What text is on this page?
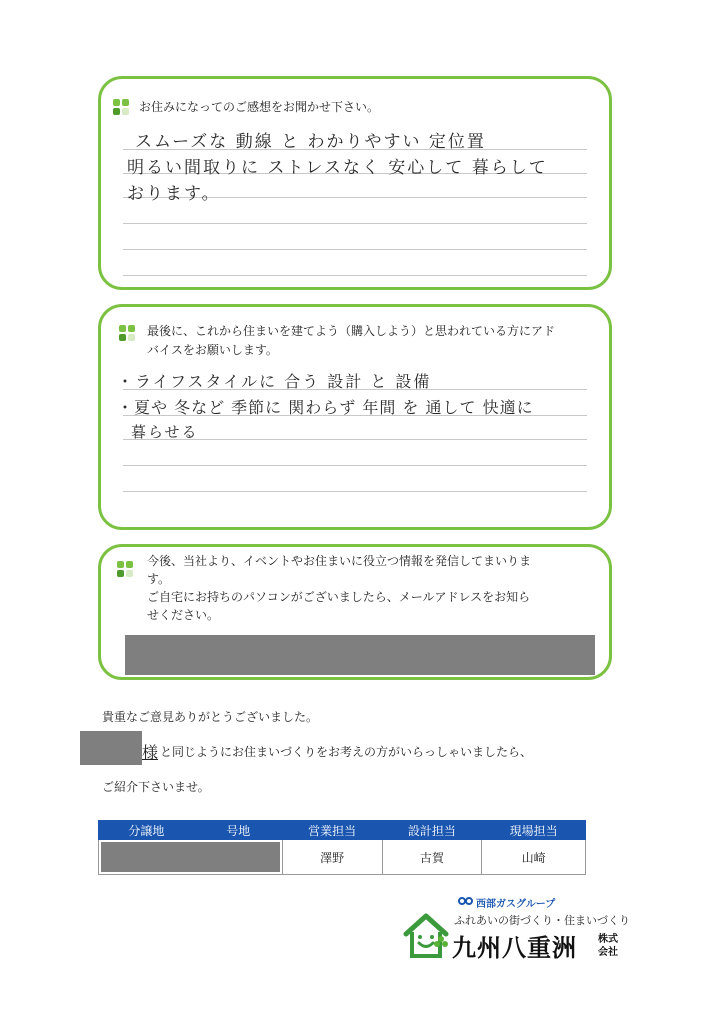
お住みになってのご感想をお聞かせ下さい。
スムーズな 動線 と わかりやすい 定位置
明るい間取りに ストレスなく 安心して 暮らして
おります。
最後に、これから住まいを建てよう（購入しよう）と思われている方にアド
バイスをお願いします。
・ライフスタイルに 合う 設計 と 設備
・夏や 冬など 季節に 関わらず 年間 を 通して 快適に
暮らせる
今後、当社より、イベントやお住まいに役立つ情報を発信してまいりま
す。
ご自宅にお持ちのパソコンがございましたら、メールアドレスをお知ら
せください。
貴重なご意見ありがとうございました。
様 と同じようにお住まいづくりをお考えの方がいらっしゃいましたら、
ご紹介下さいませ。
分譲地	号地	営業担当	設計担当	現場担当

		澤野	古賀	山崎
西部ガスグループ
ふれあいの街づくり・住まいづくり
九州八重洲 株式
会社
